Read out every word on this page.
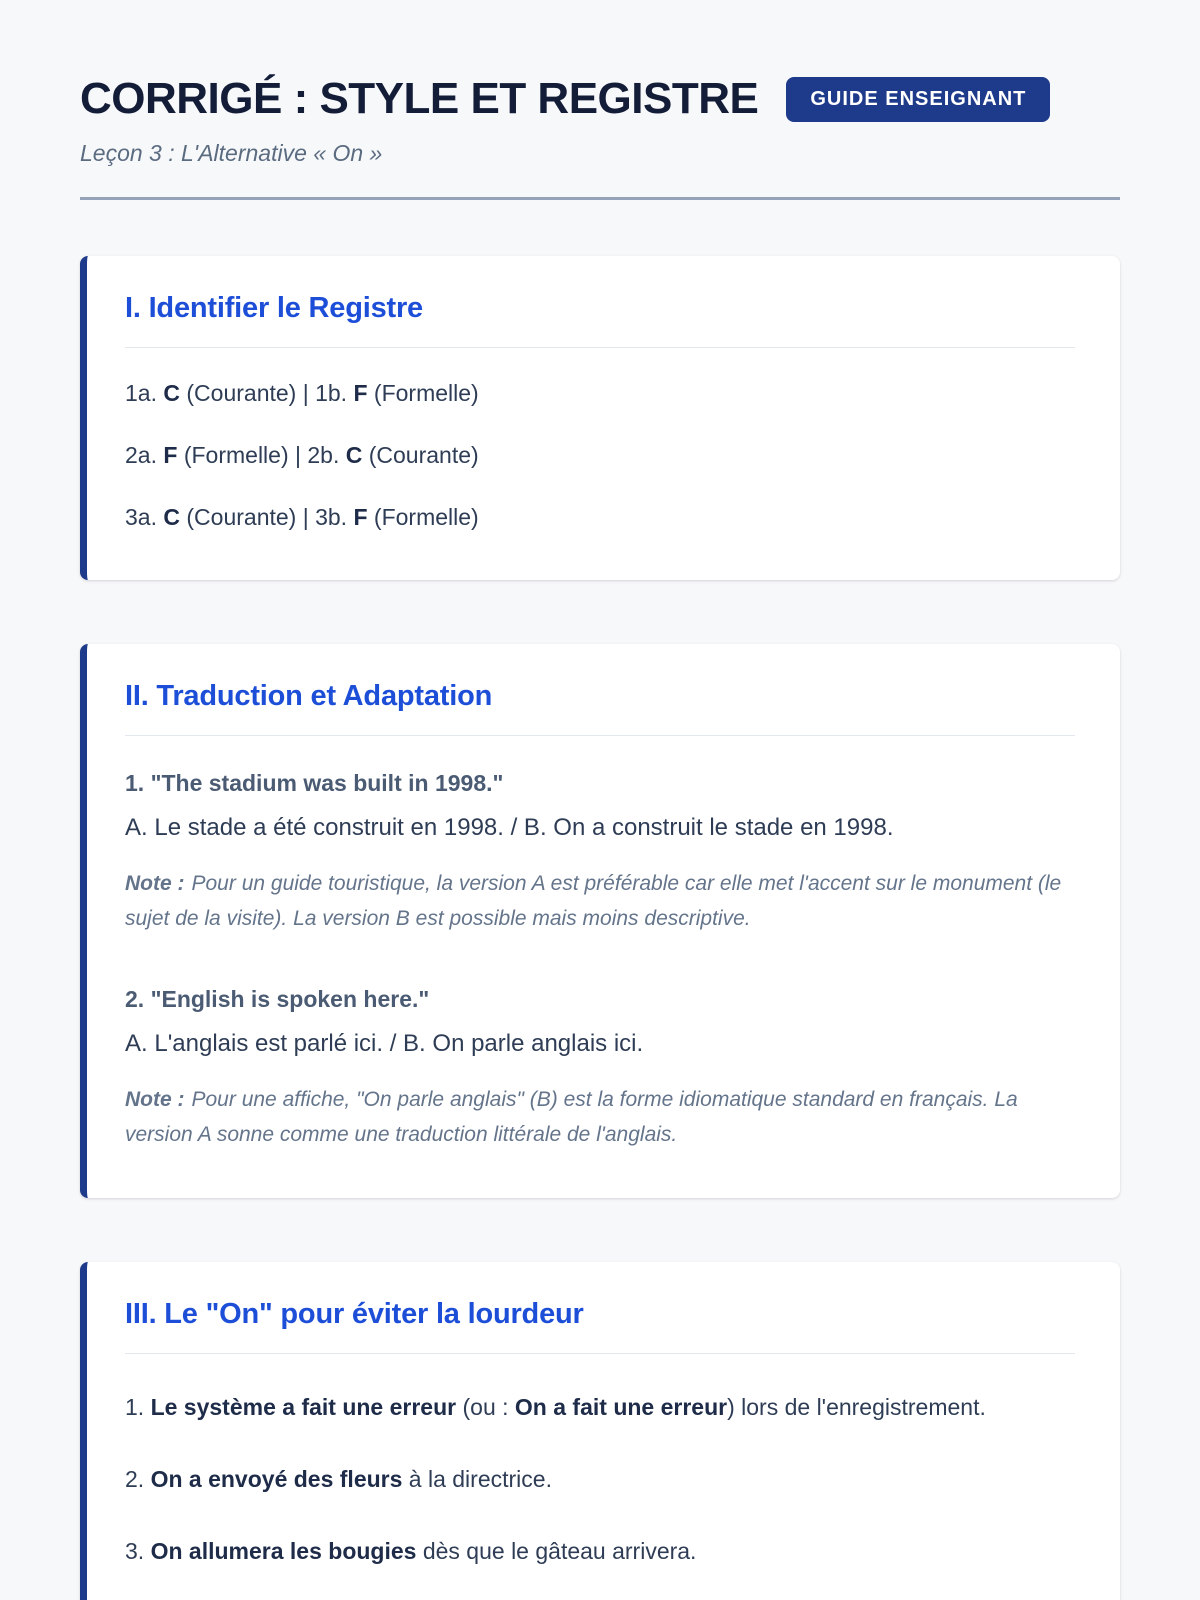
CORRIGÉ : STYLE ET REGISTRE	GUIDE ENSEIGNANT

Leçon 3 : L'Alternative « On »

I. Identifier le Registre

1a. C (Courante) | 1b. F (Formelle)

2a. F (Formelle) | 2b. C (Courante)

3a. C (Courante) | 3b. F (Formelle)

II. Traduction et Adaptation

1. "The stadium was built in 1998."

A. Le stade a été construit en 1998. / B. On a construit le stade en 1998.

Note : Pour un guide touristique, la version A est préférable car elle met l'accent sur le monument (le sujet de la visite). La version B est possible mais moins descriptive.

2. "English is spoken here."

A. L'anglais est parlé ici. / B. On parle anglais ici.

Note : Pour une affiche, "On parle anglais" (B) est la forme idiomatique standard en français. La version A sonne comme une traduction littérale de l'anglais.

III. Le "On" pour éviter la lourdeur

1. Le système a fait une erreur (ou : On a fait une erreur) lors de l'enregistrement.

2. On a envoyé des fleurs à la directrice.

3. On allumera les bougies dès que le gâteau arrivera.
